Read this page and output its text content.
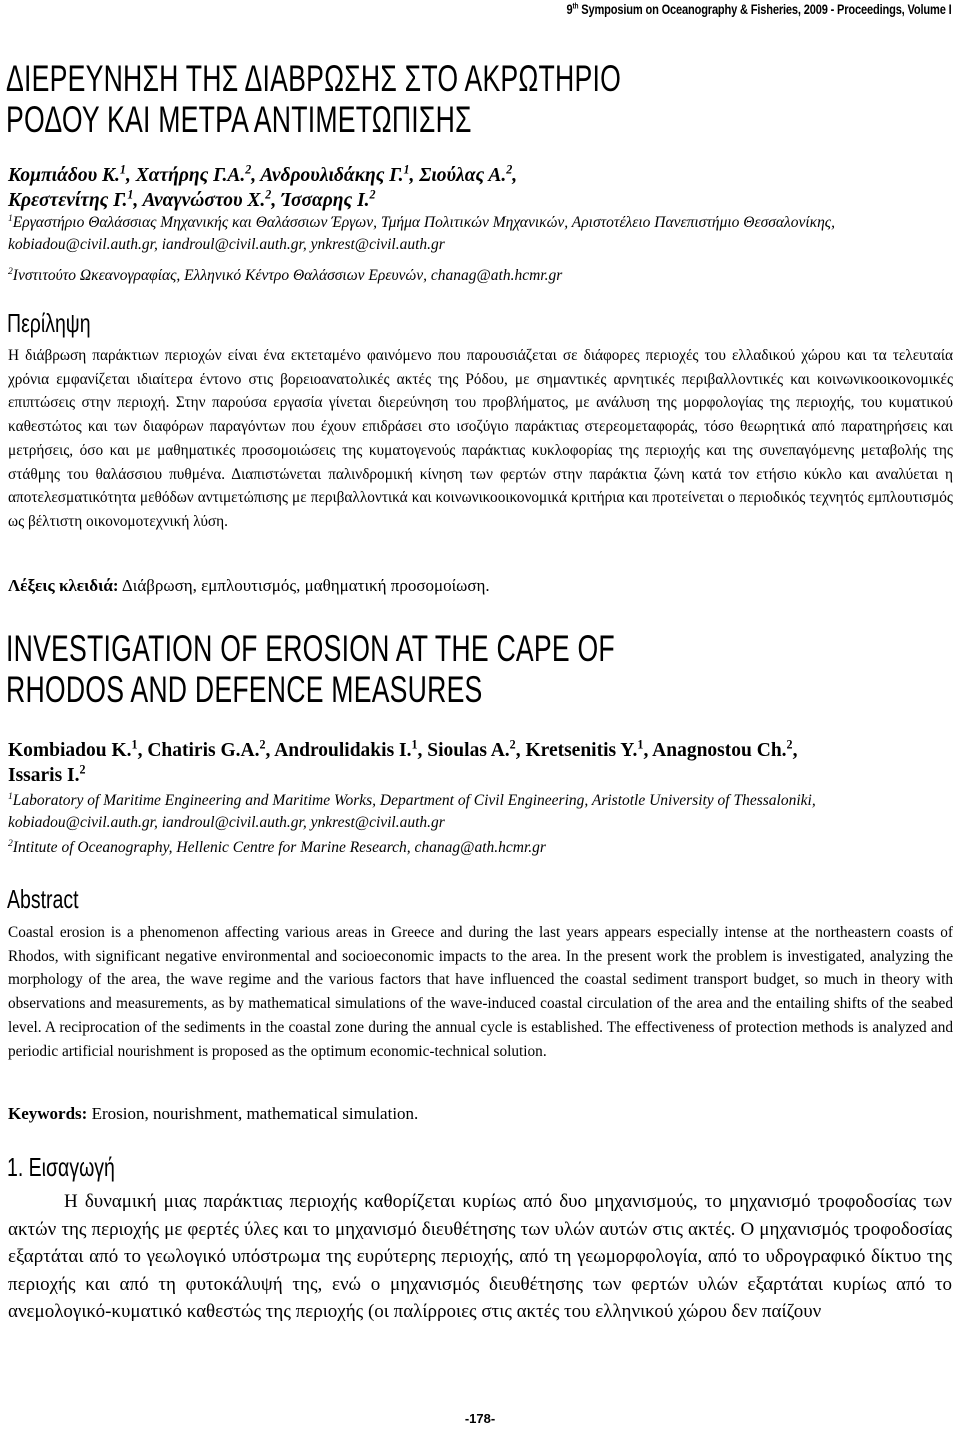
9th Symposium on Oceanography & Fisheries, 2009 - Proceedings, Volume I
ΔΙΕΡΕΥΝΗΣΗ ΤΗΣ ΔΙΑΒΡΩΣΗΣ ΣΤΟ ΑΚΡΩΤΗΡΙΟ
ΡΟΔΟΥ ΚΑΙ ΜΕΤΡΑ ΑΝΤΙΜΕΤΩΠΙΣΗΣ
Κομπιάδου Κ.$^1$, Χατήρης Γ.Α.$^2$, Ανδρουλιδάκης Γ.$^1$, Σιούλας Α.$^2$,
Κρεστενίτης Γ.$^1$, Αναγνώστου Χ.$^2$, Ίσσαρης Ι.$^2$
$^1$Εργαστήριο Θαλάσσιας Μηχανικής και Θαλάσσιων Έργων, Τμήμα Πολιτικών Μηχανικών, Αριστοτέλειο Πανεπιστήμιο Θεσσαλονίκης, kobiadou@civil.auth.gr, iandroul@civil.auth.gr, ynkrest@civil.auth.gr
$^2$Ινστιτούτο Ωκεανογραφίας, Ελληνικό Κέντρο Θαλάσσιων Ερευνών, chanag@ath.hcmr.gr
Περίληψη
Η διάβρωση παράκτιων περιοχών είναι ένα εκτεταμένο φαινόμενο που παρουσιάζεται σε διάφορες περιοχές του ελλαδικού χώρου και τα τελευταία χρόνια εμφανίζεται ιδιαίτερα έντονο στις βορειοανατολικές ακτές της Ρόδου, με σημαντικές αρνητικές περιβαλλοντικές και κοινωνικοοικονομικές επιπτώσεις στην περιοχή. Στην παρούσα εργασία γίνεται διερεύνηση του προβλήματος, με ανάλυση της μορφολογίας της περιοχής, του κυματικού καθεστώτος και των διαφόρων παραγόντων που έχουν επιδράσει στο ισοζύγιο παράκτιας στερεομεταφοράς, τόσο θεωρητικά από παρατηρήσεις και μετρήσεις, όσο και με μαθηματικές προσομοιώσεις της κυματογενούς παράκτιας κυκλοφορίας της περιοχής και της συνεπαγόμενης μεταβολής της στάθμης του θαλάσσιου πυθμένα. Διαπιστώνεται παλινδρομική κίνηση των φερτών στην παράκτια ζώνη κατά τον ετήσιο κύκλο και αναλύεται η αποτελεσματικότητα μεθόδων αντιμετώπισης με περιβαλλοντικά και κοινωνικοοικονομικά κριτήρια και προτείνεται ο περιοδικός τεχνητός εμπλουτισμός ως βέλτιστη οικονομοτεχνική λύση.
Λέξεις κλειδιά: Διάβρωση, εμπλουτισμός, μαθηματική προσομοίωση.
INVESTIGATION OF EROSION AT THE CAPE OF
RHODOS AND DEFENCE MEASURES
Kombiadou K.$^1$, Chatiris G.A.$^2$, Androulidakis I.$^1$, Sioulas A.$^2$, Kretsenitis Y.$^1$, Anagnostou Ch.$^2$,
Issaris I.$^2$
$^1$Laboratory of Maritime Engineering and Maritime Works, Department of Civil Engineering, Aristotle University of Thessaloniki, kobiadou@civil.auth.gr, iandroul@civil.auth.gr, ynkrest@civil.auth.gr
$^2$Intitute of Oceanography, Hellenic Centre for Marine Research, chanag@ath.hcmr.gr
Abstract
Coastal erosion is a phenomenon affecting various areas in Greece and during the last years appears especially intense at the northeastern coasts of Rhodos, with significant negative environmental and socioeconomic impacts to the area. In the present work the problem is investigated, analyzing the morphology of the area, the wave regime and the various factors that have influenced the coastal sediment transport budget, so much in theory with observations and measurements, as by mathematical simulations of the wave-induced coastal circulation of the area and the entailing shifts of the seabed level. A reciprocation of the sediments in the coastal zone during the annual cycle is established. The effectiveness of protection methods is analyzed and periodic artificial nourishment is proposed as the optimum economic-technical solution.
Keywords: Erosion, nourishment, mathematical simulation.
1. Εισαγωγή
Η δυναμική μιας παράκτιας περιοχής καθορίζεται κυρίως από δυο μηχανισμούς, το μηχανισμό τροφοδοσίας των ακτών της περιοχής με φερτές ύλες και το μηχανισμό διευθέτησης των υλών αυτών στις ακτές. Ο μηχανισμός τροφοδοσίας εξαρτάται από το γεωλογικό υπόστρωμα της ευρύτερης περιοχής, από τη γεωμορφολογία, από το υδρογραφικό δίκτυο της περιοχής και από τη φυτοκάλυψή της, ενώ ο μηχανισμός διευθέτησης των φερτών υλών εξαρτάται κυρίως από το ανεμολογικό-κυματικό καθεστώς της περιοχής (οι παλίρροιες στις ακτές του ελληνικού χώρου δεν παίζουν
-178-
